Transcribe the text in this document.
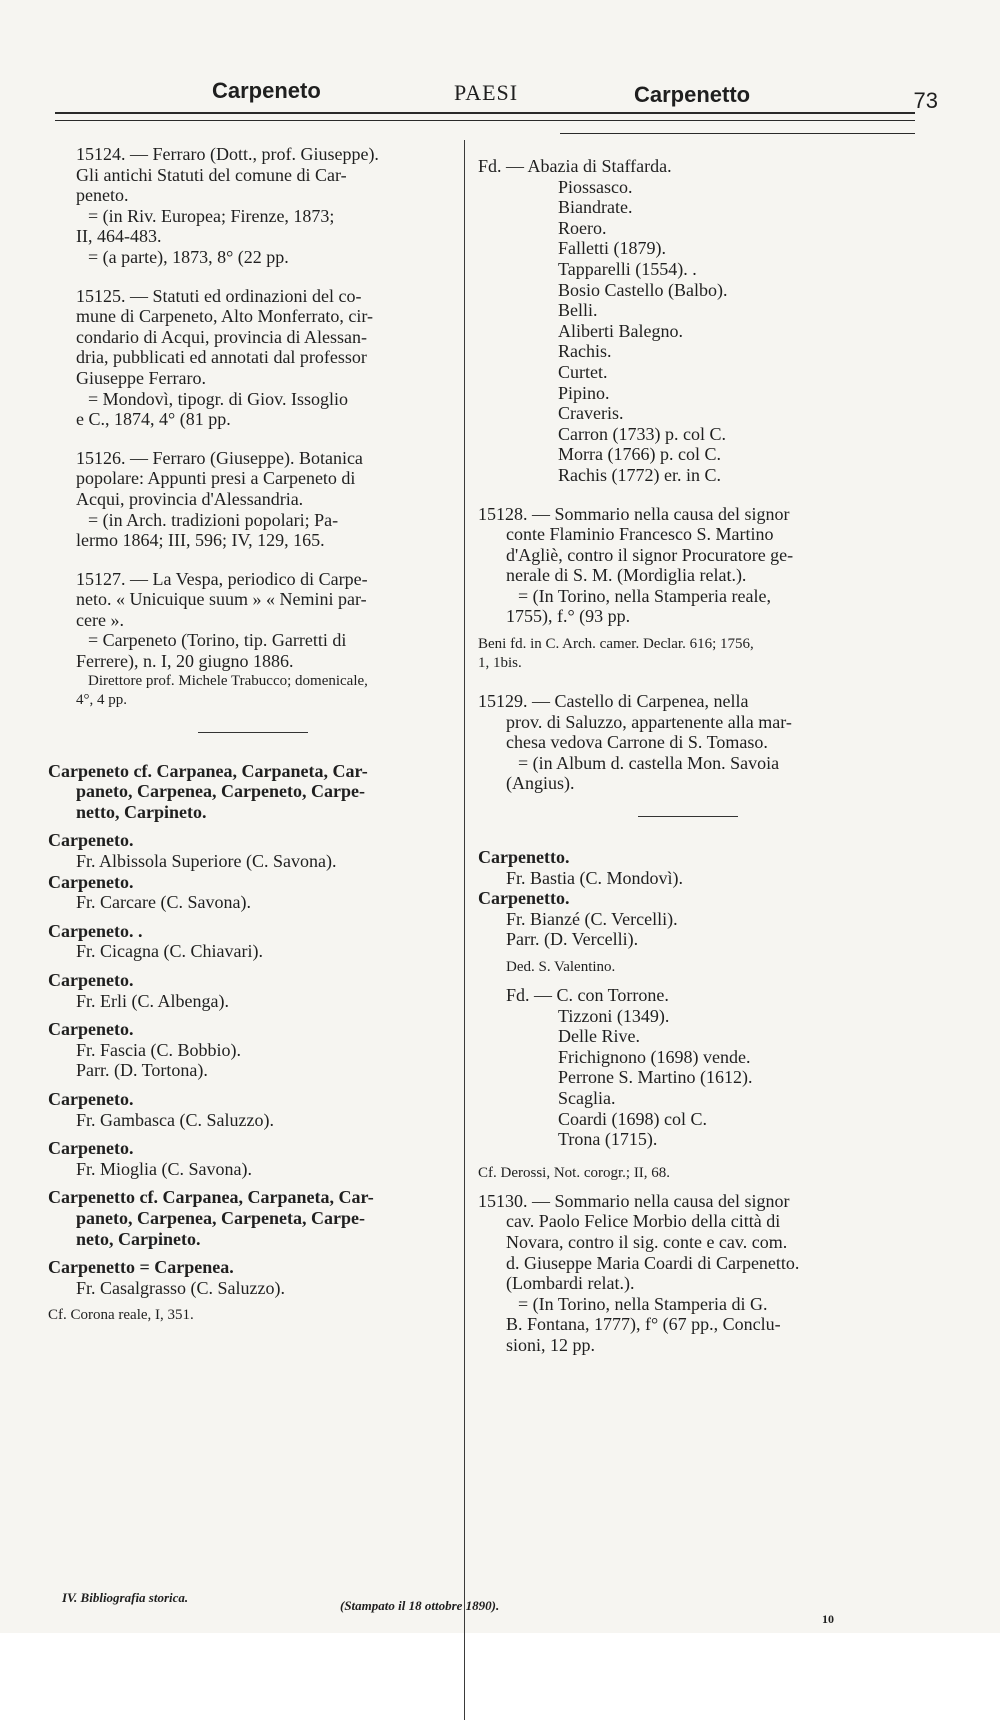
Carpeneto	PAESI	Carpenetto	73

15124. — Ferraro (Dott., prof. Giuseppe).

Gli antichi Statuti del comune di Car-

peneto.

= (in Riv. Europea; Firenze, 1873;

II, 464-483.

= (a parte), 1873, 8° (22 pp.

15125. — Statuti ed ordinazioni del co-

mune di Carpeneto, Alto Monferrato, cir-

condario di Acqui, provincia di Alessan-

dria, pubblicati ed annotati dal professor

Giuseppe Ferraro.

= Mondovì, tipogr. di Giov. Issoglio

e C., 1874, 4° (81 pp.

15126. — Ferraro (Giuseppe). Botanica

popolare: Appunti presi a Carpeneto di

Acqui, provincia d'Alessandria.

= (in Arch. tradizioni popolari; Pa-

lermo 1864; III, 596; IV, 129, 165.

15127. — La Vespa, periodico di Carpe-

neto. « Unicuique suum » « Nemini par-

cere ».

= Carpeneto (Torino, tip. Garretti di

Ferrere), n. I, 20 giugno 1886.

Direttore prof. Michele Trabucco; domenicale,

4°, 4 pp.

Carpeneto cf. Carpanea, Carpaneta, Car-

paneto, Carpenea, Carpeneto, Carpe-

netto, Carpineto.

Carpeneto.

Fr. Albissola Superiore (C. Savona).

Carpeneto.

Fr. Carcare (C. Savona).

Carpeneto. .

Fr. Cicagna (C. Chiavari).

Carpeneto.

Fr. Erli (C. Albenga).

Carpeneto.

Fr. Fascia (C. Bobbio).

Parr. (D. Tortona).

Carpeneto.

Fr. Gambasca (C. Saluzzo).

Carpeneto.

Fr. Mioglia (C. Savona).

Carpenetto cf. Carpanea, Carpaneta, Car-

paneto, Carpenea, Carpeneta, Carpe-

neto, Carpineto.

Carpenetto = Carpenea.

Fr. Casalgrasso (C. Saluzzo).

Cf. Corona reale, I, 351.

Fd. — Abazia di Staffarda.

Piossasco.

Biandrate.

Roero.

Falletti (1879).

Tapparelli (1554). .

Bosio Castello (Balbo).

Belli.

Aliberti Balegno.

Rachis.

Curtet.

Pipino.

Craveris.

Carron (1733) p. col C.

Morra (1766) p. col C.

Rachis (1772) er. in C.

15128. — Sommario nella causa del signor

conte Flaminio Francesco S. Martino

d'Agliè, contro il signor Procuratore ge-

nerale di S. M. (Mordiglia relat.).

= (In Torino, nella Stamperia reale,

1755), f.° (93 pp.

Beni fd. in C. Arch. camer. Declar. 616; 1756,

1, 1bis.

15129. — Castello di Carpenea, nella

prov. di Saluzzo, appartenente alla mar-

chesa vedova Carrone di S. Tomaso.

= (in Album d. castella Mon. Savoia

(Angius).

Carpenetto.

Fr. Bastia (C. Mondovì).

Carpenetto.

Fr. Bianzé (C. Vercelli).

Parr. (D. Vercelli).

Ded. S. Valentino.

Fd. — C. con Torrone.

Tizzoni (1349).

Delle Rive.

Frichignono (1698) vende.

Perrone S. Martino (1612).

Scaglia.

Coardi (1698) col C.

Trona (1715).

Cf. Derossi, Not. corogr.; II, 68.

15130. — Sommario nella causa del signor

cav. Paolo Felice Morbio della città di

Novara, contro il sig. conte e cav. com.

d. Giuseppe Maria Coardi di Carpenetto.

(Lombardi relat.).

= (In Torino, nella Stamperia di G.

B. Fontana, 1777), f° (67 pp., Conclu-

sioni, 12 pp.

IV. Bibliografia storica.
(Stampato il 18 ottobre 1890).
10
